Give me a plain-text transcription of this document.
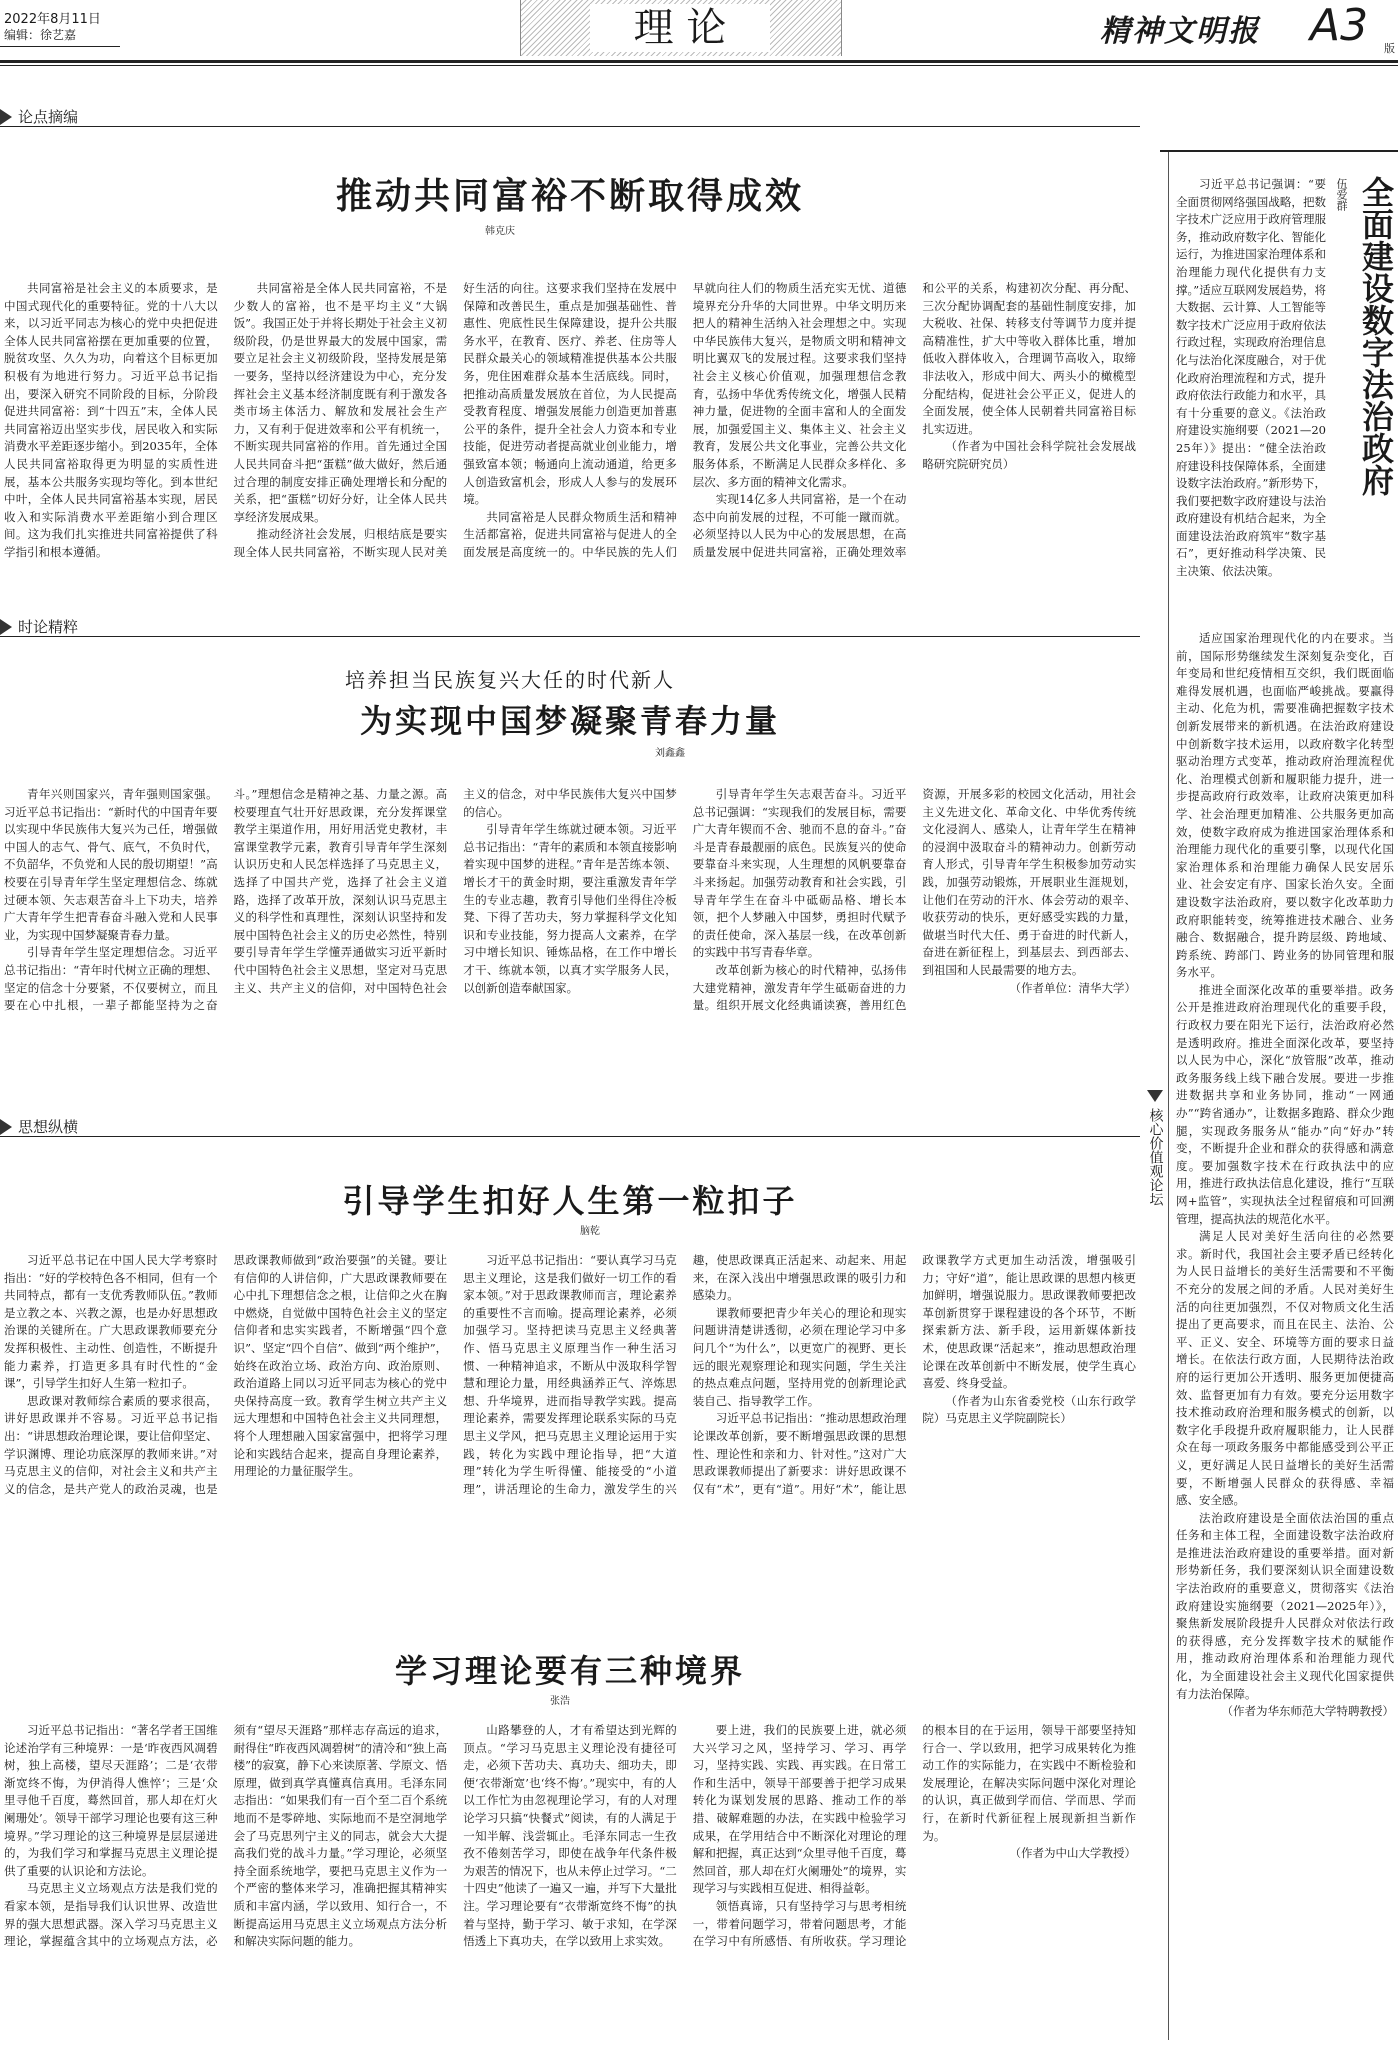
2022年8月11日
编辑：徐艺嘉	理 论	精神文明报 A3 版
论点摘编
时论精粹
思想纵横	核心价值观论坛
推动共同富裕不断取得成效
韩克庆

共同富裕是社会主义的本质要求，是中国式现代化的重要特征。党的十八大以来，以习近平同志为核心的党中央把促进全体人民共同富裕摆在更加重要的位置，脱贫攻坚、久久为功，向着这个目标更加积极有为地进行努力。习近平总书记指出，要深入研究不同阶段的目标，分阶段促进共同富裕：到“十四五”末，全体人民共同富裕迈出坚实步伐，居民收入和实际消费水平差距逐步缩小。到2035年，全体人民共同富裕取得更为明显的实质性进展，基本公共服务实现均等化。到本世纪中叶，全体人民共同富裕基本实现，居民收入和实际消费水平差距缩小到合理区间。这为我们扎实推进共同富裕提供了科学指引和根本遵循。

共同富裕是全体人民共同富裕，不是少数人的富裕，也不是平均主义“大锅饭”。我国正处于并将长期处于社会主义初级阶段，仍是世界最大的发展中国家，需要立足社会主义初级阶段，坚持发展是第一要务，坚持以经济建设为中心，充分发挥社会主义基本经济制度既有利于激发各类市场主体活力、解放和发展社会生产力，又有利于促进效率和公平有机统一，不断实现共同富裕的作用。首先通过全国人民共同奋斗把“蛋糕”做大做好，然后通过合理的制度安排正确处理增长和分配的关系，把“蛋糕”切好分好，让全体人民共享经济发展成果。

推动经济社会发展，归根结底是要实现全体人民共同富裕，不断实现人民对美好生活的向往。这要求我们坚持在发展中保障和改善民生，重点是加强基础性、普惠性、兜底性民生保障建设，提升公共服务水平，在教育、医疗、养老、住房等人民群众最关心的领域精准提供基本公共服务，兜住困难群众基本生活底线。同时，把推动高质量发展放在首位，为人民提高受教育程度、增强发展能力创造更加普惠公平的条件，提升全社会人力资本和专业技能，促进劳动者提高就业创业能力，增强致富本领；畅通向上流动通道，给更多人创造致富机会，形成人人参与的发展环境。

共同富裕是人民群众物质生活和精神生活都富裕，促进共同富裕与促进人的全面发展是高度统一的。中华民族的先人们早就向往人们的物质生活充实无忧、道德境界充分升华的大同世界。中华文明历来把人的精神生活纳入社会理想之中。实现中华民族伟大复兴，是物质文明和精神文明比翼双飞的发展过程。这要求我们坚持社会主义核心价值观，加强理想信念教育，弘扬中华优秀传统文化，增强人民精神力量，促进物的全面丰富和人的全面发展，加强爱国主义、集体主义、社会主义教育，发展公共文化事业，完善公共文化服务体系，不断满足人民群众多样化、多层次、多方面的精神文化需求。

实现14亿多人共同富裕，是一个在动态中向前发展的过程，不可能一蹴而就。必须坚持以人民为中心的发展思想，在高质量发展中促进共同富裕，正确处理效率和公平的关系，构建初次分配、再分配、三次分配协调配套的基础性制度安排，加大税收、社保、转移支付等调节力度并提高精准性，扩大中等收入群体比重，增加低收入群体收入，合理调节高收入，取缔非法收入，形成中间大、两头小的橄榄型分配结构，促进社会公平正义，促进人的全面发展，使全体人民朝着共同富裕目标扎实迈进。

（作者为中国社会科学院社会发展战略研究院研究员）

培养担当民族复兴大任的时代新人
为实现中国梦凝聚青春力量
刘鑫鑫

青年兴则国家兴，青年强则国家强。习近平总书记指出：“新时代的中国青年要以实现中华民族伟大复兴为己任，增强做中国人的志气、骨气、底气，不负时代，不负韶华，不负党和人民的殷切期望！”高校要在引导青年学生坚定理想信念、练就过硬本领、矢志艰苦奋斗上下功夫，培养广大青年学生把青春奋斗融入党和人民事业，为实现中国梦凝聚青春力量。

引导青年学生坚定理想信念。习近平总书记指出：“青年时代树立正确的理想、坚定的信念十分要紧，不仅要树立，而且要在心中扎根，一辈子都能坚持为之奋斗。”理想信念是精神之基、力量之源。高校要理直气壮开好思政课，充分发挥课堂教学主渠道作用，用好用活党史教材，丰富课堂教学元素，教育引导青年学生深刻认识历史和人民怎样选择了马克思主义，选择了中国共产党，选择了社会主义道路，选择了改革开放，深刻认识马克思主义的科学性和真理性，深刻认识坚持和发展中国特色社会主义的历史必然性，特别要引导青年学生学懂弄通做实习近平新时代中国特色社会主义思想，坚定对马克思主义、共产主义的信仰，对中国特色社会主义的信念，对中华民族伟大复兴中国梦的信心。

引导青年学生练就过硬本领。习近平总书记指出：“青年的素质和本领直接影响着实现中国梦的进程。”青年是苦练本领、增长才干的黄金时期，要注重激发青年学生的专业志趣，教育引导他们坐得住冷板凳、下得了苦功夫，努力掌握科学文化知识和专业技能，努力提高人文素养，在学习中增长知识、锤炼品格，在工作中增长才干、练就本领，以真才实学服务人民，以创新创造奉献国家。

引导青年学生矢志艰苦奋斗。习近平总书记强调：“实现我们的发展目标，需要广大青年锲而不舍、驰而不息的奋斗。”奋斗是青春最靓丽的底色。民族复兴的使命要靠奋斗来实现，人生理想的风帆要靠奋斗来扬起。加强劳动教育和社会实践，引导青年学生在奋斗中砥砺品格、增长本领，把个人梦融入中国梦，勇担时代赋予的责任使命，深入基层一线，在改革创新的实践中书写青春华章。

改革创新为核心的时代精神，弘扬伟大建党精神，激发青年学生砥砺奋进的力量。组织开展文化经典诵读赛，善用红色资源，开展多彩的校园文化活动，用社会主义先进文化、革命文化、中华优秀传统文化浸润人、感染人，让青年学生在精神的浸润中汲取奋斗的精神动力。创新劳动育人形式，引导青年学生积极参加劳动实践，加强劳动锻炼，开展职业生涯规划，让他们在劳动的汗水、体会劳动的艰辛、收获劳动的快乐，更好感受实践的力量，做堪当时代大任、勇于奋进的时代新人，奋进在新征程上，到基层去、到西部去、到祖国和人民最需要的地方去。

（作者单位：清华大学）

引导学生扣好人生第一粒扣子
脑乾

习近平总书记在中国人民大学考察时指出：“好的学校特色各不相同，但有一个共同特点，都有一支优秀教师队伍。”教师是立教之本、兴教之源，也是办好思想政治课的关键所在。广大思政课教师要充分发挥积极性、主动性、创造性，不断提升能力素养，打造更多具有时代性的“金课”，引导学生扣好人生第一粒扣子。

思政课对教师综合素质的要求很高，讲好思政课并不容易。习近平总书记指出：“讲思想政治理论课，要让信仰坚定、学识渊博、理论功底深厚的教师来讲。”对马克思主义的信仰，对社会主义和共产主义的信念，是共产党人的政治灵魂，也是思政课教师做到“政治要强”的关键。要让有信仰的人讲信仰，广大思政课教师要在心中扎下理想信念之根，让信仰之火在胸中燃烧，自觉做中国特色社会主义的坚定信仰者和忠实实践者，不断增强“四个意识”、坚定“四个自信”、做到“两个维护”，始终在政治立场、政治方向、政治原则、政治道路上同以习近平同志为核心的党中央保持高度一致。教育学生树立共产主义远大理想和中国特色社会主义共同理想，将个人理想融入国家富强中，把将学习理论和实践结合起来，提高自身理论素养，用理论的力量征服学生。

习近平总书记指出：“要认真学习马克思主义理论，这是我们做好一切工作的看家本领。”对于思政课教师而言，理论素养的重要性不言而喻。提高理论素养，必须加强学习。坚持把读马克思主义经典著作、悟马克思主义原理当作一种生活习惯、一种精神追求，不断从中汲取科学智慧和理论力量，用经典涵养正气、淬炼思想、升华境界，进而指导教学实践。提高理论素养，需要发挥理论联系实际的马克思主义学风，把马克思主义理论运用于实践，转化为实践中理论指导，把“大道理”转化为学生听得懂、能接受的“小道理”，讲活理论的生命力，激发学生的兴趣，使思政课真正活起来、动起来、用起来，在深入浅出中增强思政课的吸引力和感染力。

课教师要把青少年关心的理论和现实问题讲清楚讲透彻，必须在理论学习中多问几个“为什么”，以更宽广的视野、更长远的眼光观察理论和现实问题，学生关注的热点难点问题，坚持用党的创新理论武装自己、指导教学工作。

习近平总书记指出：“推动思想政治理论课改革创新，要不断增强思政课的思想性、理论性和亲和力、针对性。”这对广大思政课教师提出了新要求：讲好思政课不仅有“术”，更有“道”。用好“术”，能让思政课教学方式更加生动活泼，增强吸引力；守好“道”，能让思政课的思想内核更加鲜明，增强说服力。思政课教师要把改革创新贯穿于课程建设的各个环节，不断探索新方法、新手段，运用新媒体新技术，使思政课“活起来”，推动思想政治理论课在改革创新中不断发展，使学生真心喜爱、终身受益。

（作者为山东省委党校（山东行政学院）马克思主义学院副院长）

学习理论要有三种境界
张浩

习近平总书记指出：“著名学者王国维论述治学有三种境界：一是‘昨夜西风凋碧树，独上高楼，望尽天涯路’；二是‘衣带渐宽终不悔，为伊消得人憔悴’；三是‘众里寻他千百度，蓦然回首，那人却在灯火阑珊处’。领导干部学习理论也要有这三种境界。”学习理论的这三种境界是层层递进的，为我们学习和掌握马克思主义理论提供了重要的认识论和方法论。

马克思主义立场观点方法是我们党的看家本领，是指导我们认识世界、改造世界的强大思想武器。深入学习马克思主义理论，掌握蕴含其中的立场观点方法，必须有“望尽天涯路”那样志存高远的追求，耐得住“昨夜西风凋碧树”的清冷和“独上高楼”的寂寞，静下心来读原著、学原文、悟原理，做到真学真懂真信真用。毛泽东同志指出：“如果我们有一百个至二百个系统地而不是零碎地、实际地而不是空洞地学会了马克思列宁主义的同志，就会大大提高我们党的战斗力量。”学习理论，必须坚持全面系统地学，要把马克思主义作为一个严密的整体来学习，准确把握其精神实质和丰富内涵，学以致用、知行合一，不断提高运用马克思主义立场观点方法分析和解决实际问题的能力。

山路攀登的人，才有希望达到光辉的顶点。“学习马克思主义理论没有捷径可走，必须下苦功夫、真功夫、细功夫，即便‘衣带渐宽’也‘终不悔’。”现实中，有的人以工作忙为由忽视理论学习，有的人对理论学习只搞“快餐式”阅读，有的人满足于一知半解、浅尝辄止。毛泽东同志一生孜孜不倦刻苦学习，即使在战争年代条件极为艰苦的情况下，也从未停止过学习。“二十四史”他读了一遍又一遍，并写下大量批注。学习理论要有“衣带渐宽终不悔”的执着与坚持，勤于学习、敏于求知，在学深悟透上下真功夫，在学以致用上求实效。

要上进，我们的民族要上进，就必须大兴学习之风，坚持学习、学习、再学习，坚持实践、实践、再实践。在日常工作和生活中，领导干部要善于把学习成果转化为谋划发展的思路、推动工作的举措、破解难题的办法，在实践中检验学习成果，在学用结合中不断深化对理论的理解和把握，真正达到“众里寻他千百度，蓦然回首，那人却在灯火阑珊处”的境界，实现学习与实践相互促进、相得益彰。

领悟真谛，只有坚持学习与思考相统一，带着问题学习，带着问题思考，才能在学习中有所感悟、有所收获。学习理论的根本目的在于运用，领导干部要坚持知行合一、学以致用，把学习成果转化为推动工作的实际能力，在实践中不断检验和发展理论，在解决实际问题中深化对理论的认识，真正做到学而信、学而思、学而行，在新时代新征程上展现新担当新作为。

（作者为中山大学教授）

全面建设数字法治政府
伍爱群

习近平总书记强调：“要全面贯彻网络强国战略，把数字技术广泛应用于政府管理服务，推动政府数字化、智能化运行，为推进国家治理体系和治理能力现代化提供有力支撑。”适应互联网发展趋势，将大数据、云计算、人工智能等数字技术广泛应用于政府依法行政过程，实现政府治理信息化与法治化深度融合，对于优化政府治理流程和方式，提升政府依法行政能力和水平，具有十分重要的意义。《法治政府建设实施纲要（2021—2025年）》提出：“健全法治政府建设科技保障体系，全面建设数字法治政府。”新形势下，我们要把数字政府建设与法治政府建设有机结合起来，为全面建设法治政府筑牢“数字基石”，更好推动科学决策、民主决策、依法决策。

适应国家治理现代化的内在要求。当前，国际形势继续发生深刻复杂变化，百年变局和世纪疫情相互交织，我们既面临难得发展机遇，也面临严峻挑战。要赢得主动、化危为机，需要准确把握数字技术创新发展带来的新机遇。在法治政府建设中创新数字技术运用，以政府数字化转型驱动治理方式变革，推动政府治理流程优化、治理模式创新和履职能力提升，进一步提高政府行政效率，让政府决策更加科学、社会治理更加精准、公共服务更加高效，使数字政府成为推进国家治理体系和治理能力现代化的重要引擎，以现代化国家治理体系和治理能力确保人民安居乐业、社会安定有序、国家长治久安。全面建设数字法治政府，要以数字化改革助力政府职能转变，统筹推进技术融合、业务融合、数据融合，提升跨层级、跨地域、跨系统、跨部门、跨业务的协同管理和服务水平。

推进全面深化改革的重要举措。政务公开是推进政府治理现代化的重要手段，行政权力要在阳光下运行，法治政府必然是透明政府。推进全面深化改革，要坚持以人民为中心，深化“放管服”改革，推动政务服务线上线下融合发展。要进一步推进数据共享和业务协同，推动“一网通办”“跨省通办”，让数据多跑路、群众少跑腿，实现政务服务从“能办”向“好办”转变，不断提升企业和群众的获得感和满意度。要加强数字技术在行政执法中的应用，推进行政执法信息化建设，推行“互联网+监管”，实现执法全过程留痕和可回溯管理，提高执法的规范化水平。

满足人民对美好生活向往的必然要求。新时代，我国社会主要矛盾已经转化为人民日益增长的美好生活需要和不平衡不充分的发展之间的矛盾。人民对美好生活的向往更加强烈，不仅对物质文化生活提出了更高要求，而且在民主、法治、公平、正义、安全、环境等方面的要求日益增长。在依法行政方面，人民期待法治政府的运行更加公开透明、服务更加便捷高效、监督更加有力有效。要充分运用数字技术推动政府治理和服务模式的创新，以数字化手段提升政府履职能力，让人民群众在每一项政务服务中都能感受到公平正义，更好满足人民日益增长的美好生活需要，不断增强人民群众的获得感、幸福感、安全感。

法治政府建设是全面依法治国的重点任务和主体工程，全面建设数字法治政府是推进法治政府建设的重要举措。面对新形势新任务，我们要深刻认识全面建设数字法治政府的重要意义，贯彻落实《法治政府建设实施纲要（2021—2025年）》，聚焦新发展阶段提升人民群众对依法行政的获得感，充分发挥数字技术的赋能作用，推动政府治理体系和治理能力现代化，为全面建设社会主义现代化国家提供有力法治保障。

（作者为华东师范大学特聘教授）
